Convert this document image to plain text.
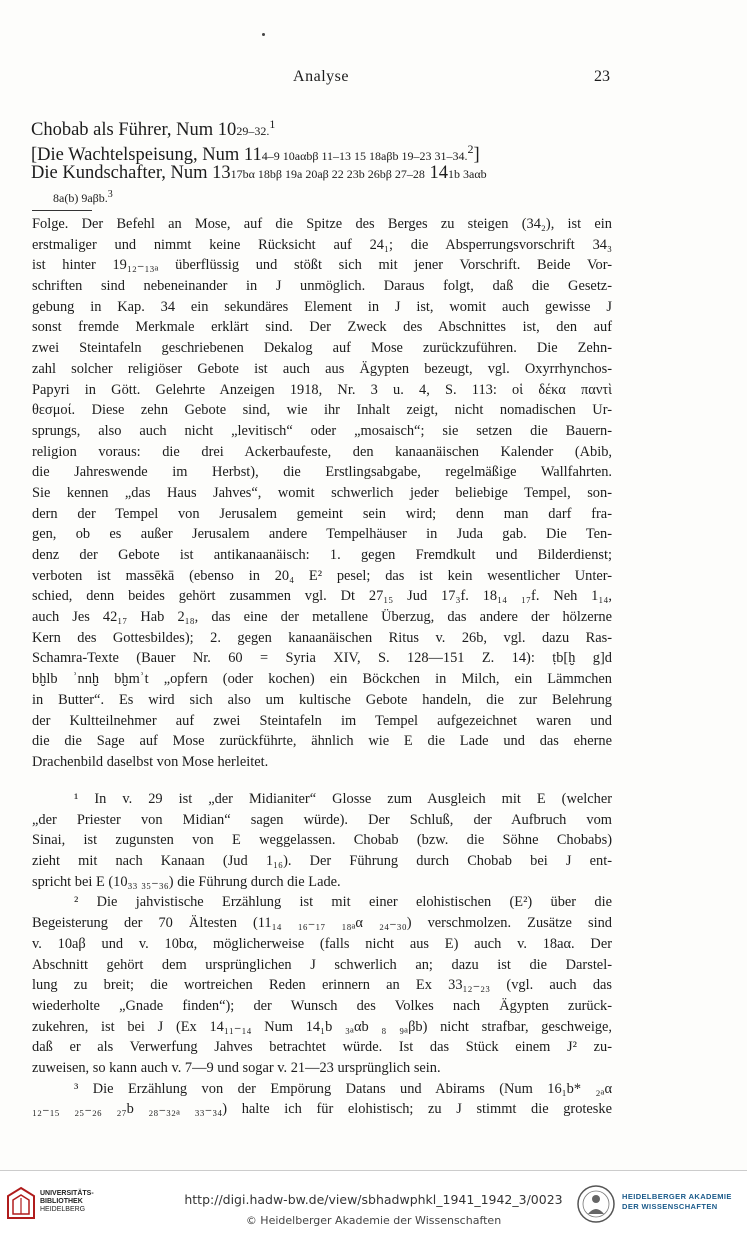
Analyse	23
Chobab als Führer, Num 1029–32.$^1$
[Die Wachtelspeisung, Num 114–9 10aαbβ 11–13 15 18aβb 19–23 31–34.$^2$]
Die Kundschafter, Num 1317bα 18bβ 19a 20aβ 22 23b 26bβ 27–28 141b 3aαb
8a(b) 9aβb.$^3$
Folge. Der Befehl an Mose, auf die Spitze des Berges zu steigen (34₂), ist ein
erstmaliger und nimmt keine Rücksicht auf 24₁; die Absperrungsvorschrift 34₃
ist hinter 19₁₂₋₁₃ₐ überflüssig und stößt sich mit jener Vorschrift. Beide Vor-
schriften sind nebeneinander in J unmöglich. Daraus folgt, daß die Gesetz-
gebung in Kap. 34 ein sekundäres Element in J ist, womit auch gewisse J
sonst fremde Merkmale erklärt sind. Der Zweck des Abschnittes ist, den auf
zwei Steintafeln geschriebenen Dekalog auf Mose zurückzuführen. Die Zehn-
zahl solcher religiöser Gebote ist auch aus Ägypten bezeugt, vgl. Oxyrrhynchos-
Papyri in Gött. Gelehrte Anzeigen 1918, Nr. 3 u. 4, S. 113: οἱ δέκα παντὶ
θεσμοί. Diese zehn Gebote sind, wie ihr Inhalt zeigt, nicht nomadischen Ur-
sprungs, also auch nicht „levitisch“ oder „mosaisch“; sie setzen die Bauern-
religion voraus: die drei Ackerbaufeste, den kanaanäischen Kalender (Abib,
die Jahreswende im Herbst), die Erstlingsabgabe, regelmäßige Wallfahrten.
Sie kennen „das Haus Jahves“, womit schwerlich jeder beliebige Tempel, son-
dern der Tempel von Jerusalem gemeint sein wird; denn man darf fra-
gen, ob es außer Jerusalem andere Tempelhäuser in Juda gab. Die Ten-
denz der Gebote ist antikanaanäisch: 1. gegen Fremdkult und Bilderdienst;
verboten ist massēkā (ebenso in 20₄ E² pesel; das ist kein wesentlicher Unter-
schied, denn beides gehört zusammen vgl. Dt 27₁₅ Jud 17₃f. 18₁₄ ₁₇f. Neh 1₁₄,
auch Jes 42₁₇ Hab 2₁₈, das eine der metallene Überzug, das andere der hölzerne
Kern des Gottesbildes); 2. gegen kanaanäischen Ritus v. 26b, vgl. dazu Ras-
Schamra-Texte (Bauer Nr. 60 = Syria XIV, S. 128—151 Z. 14): ṭb[ḫ g]d
bḫlb ʾnnḫ bḫmʾt „opfern (oder kochen) ein Böckchen in Milch, ein Lämmchen
in Butter“. Es wird sich also um kultische Gebote handeln, die zur Belehrung
der Kultteilnehmer auf zwei Steintafeln im Tempel aufgezeichnet waren und
die die Sage auf Mose zurückführte, ähnlich wie E die Lade und das eherne
Drachenbild daselbst von Mose herleitet.
¹ In v. 29 ist „der Midianiter“ Glosse zum Ausgleich mit E (welcher
„der Priester von Midian“ sagen würde). Der Schluß, der Aufbruch vom
Sinai, ist zugunsten von E weggelassen. Chobab (bzw. die Söhne Chobabs)
zieht mit nach Kanaan (Jud 1₁₆). Der Führung durch Chobab bei J ent-
spricht bei E (10₃₃ ₃₅₋₃₆) die Führung durch die Lade.
² Die jahvistische Erzählung ist mit einer elohistischen (E²) über die
Begeisterung der 70 Ältesten (11₁₄ ₁₆₋₁₇ ₁₈ₐα ₂₄₋₃₀) verschmolzen. Zusätze sind
v. 10aβ und v. 10bα, möglicherweise (falls nicht aus E) auch v. 18aα. Der
Abschnitt gehört dem ursprünglichen J schwerlich an; dazu ist die Darstel-
lung zu breit; die wortreichen Reden erinnern an Ex 33₁₂₋₂₃ (vgl. auch das
wiederholte „Gnade finden“); der Wunsch des Volkes nach Ägypten zurück-
zukehren, ist bei J (Ex 14₁₁₋₁₄ Num 14₁b ₃ₐαb ₈ ₉ₐβb) nicht strafbar, geschweige,
daß er als Verwerfung Jahves betrachtet würde. Ist das Stück einem J² zu-
zuweisen, so kann auch v. 7—9 und sogar v. 21—23 ursprünglich sein.
³ Die Erzählung von der Empörung Datans und Abirams (Num 16₁b* ₂ₐα
₁₂₋₁₅ ₂₅₋₂₆ ₂₇b ₂₈₋₃₂ₐ ₃₃₋₃₄) halte ich für elohistisch; zu J stimmt die groteske
UNIVERSITÄTS-
BIBLIOTHEK
HEIDELBERG
http://digi.hadw-bw.de/view/sbhadwphkl_1941_1942_3/0023
© Heidelberger Akademie der Wissenschaften
HEIDELBERGER AKADEMIE
DER WISSENSCHAFTEN
